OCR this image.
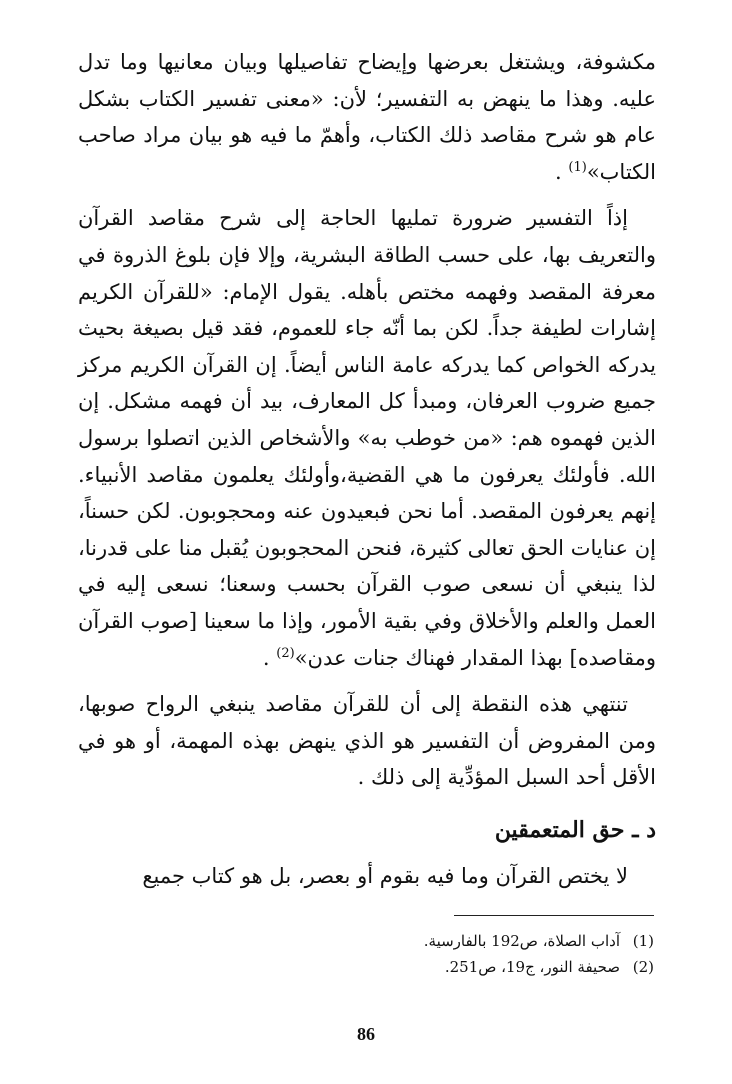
مكشوفة، ويشتغل بعرضها وإيضاح تفاصيلها وبيان معانيها وما تدل عليه. وهذا ما ينهض به التفسير؛ لأن: «معنى تفسير الكتاب بشكل عام هو شرح مقاصد ذلك الكتاب، وأهمّ ما فيه هو بيان مراد صاحب الكتاب»$^{(1)}$ .

إذاً التفسير ضرورة تمليها الحاجة إلى شرح مقاصد القرآن والتعريف بها، على حسب الطاقة البشرية، وإلا فإن بلوغ الذروة في معرفة المقصد وفهمه مختص بأهله. يقول الإمام: «للقرآن الكريم إشارات لطيفة جداً. لكن بما أنّه جاء للعموم، فقد قيل بصيغة بحيث يدركه الخواص كما يدركه عامة الناس أيضاً. إن القرآن الكريم مركز جميع ضروب العرفان، ومبدأ كل المعارف، بيد أن فهمه مشكل. إن الذين فهموه هم: «من خوطب به» والأشخاص الذين اتصلوا برسول الله. فأولئك يعرفون ما هي القضية،وأولئك يعلمون مقاصد الأنبياء. إنهم يعرفون المقصد. أما نحن فبعيدون عنه ومحجوبون. لكن حسناً، إن عنايات الحق تعالى كثيرة، فنحن المحجوبون يُقبل منا على قدرنا، لذا ينبغي أن نسعى صوب القرآن بحسب وسعنا؛ نسعى إليه في العمل والعلم والأخلاق وفي بقية الأمور، وإذا ما سعينا [صوب القرآن ومقاصده] بهذا المقدار فهناك جنات عدن»$^{(2)}$ .

تنتهي هذه النقطة إلى أن للقرآن مقاصد ينبغي الرواح صوبها، ومن المفروض أن التفسير هو الذي ينهض بهذه المهمة، أو هو في الأقل أحد السبل المؤدِّية إلى ذلك .

د ـ حق المتعمقين

لا يختص القرآن وما فيه بقوم أو بعصر، بل هو كتاب جميع

(1)آداب الصلاة، ص192 بالفارسية.
(2)صحيفة النور، ج19، ص251.
86
